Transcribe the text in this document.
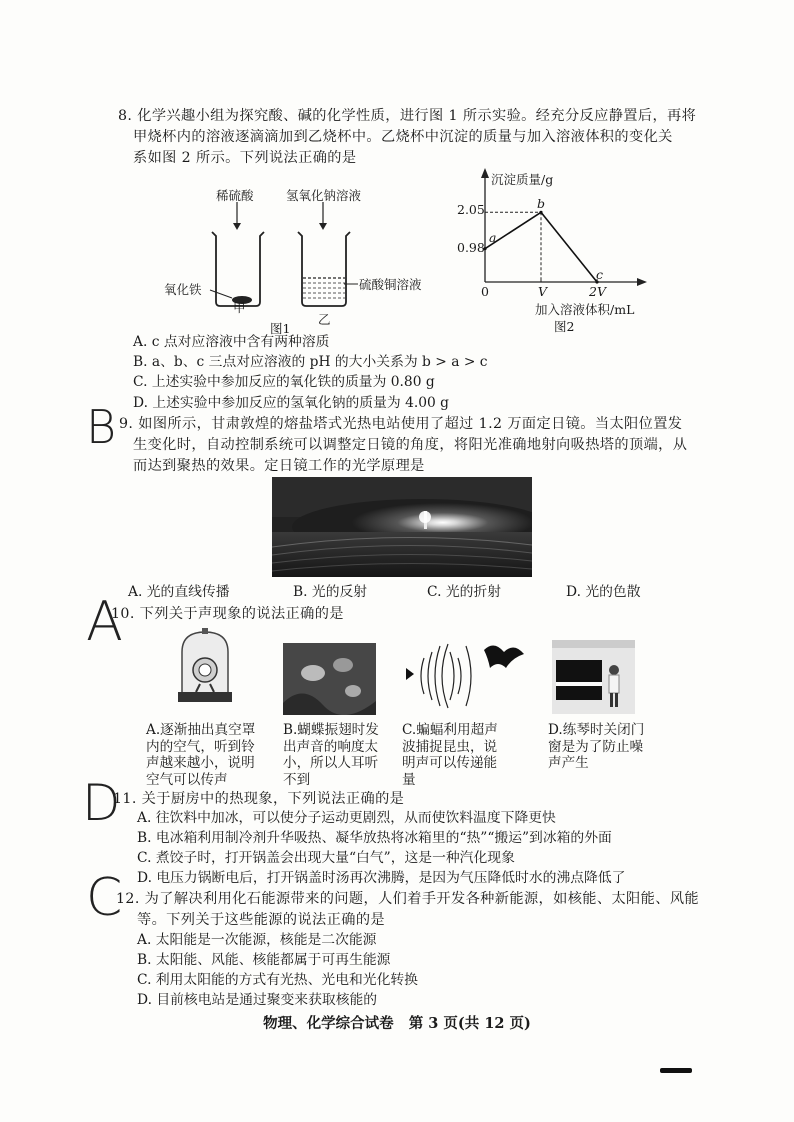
8. 化学兴趣小组为探究酸、碱的化学性质，进行图 1 所示实验。经充分反应静置后，再将
甲烧杯内的溶液逐滴滴加到乙烧杯中。乙烧杯中沉淀的质量与加入溶液体积的变化关
系如图 2 所示。下列说法正确的是
稀硫酸	氢氧化钠溶液
氧化铁	硫酸铜溶液
甲
乙
图1
沉淀质量/g
2.05
0.98
0	V	2V
a
b
c
加入溶液体积/mL
图2
A. c 点对应溶液中含有两种溶质
B. a、b、c 三点对应溶液的 pH 的大小关系为 b > a > c
C. 上述实验中参加反应的氧化铁的质量为 0.80 g
D. 上述实验中参加反应的氢氧化钠的质量为 4.00 g
B 9. 如图所示，甘肃敦煌的熔盐塔式光热电站使用了超过 1.2 万面定日镜。当太阳位置发
生变化时，自动控制系统可以调整定日镜的角度，将阳光准确地射向吸热塔的顶端，从
而达到聚热的效果。定日镜工作的光学原理是
A. 光的直线传播	B. 光的反射	C. 光的折射	D. 光的色散
A
10. 下列关于声现象的说法正确的是
A.逐渐抽出真空罩
内的空气，听到铃
声越来越小，说明
空气可以传声
B.蝴蝶振翅时发
出声音的响度太
小，所以人耳听
不到
C.蝙蝠利用超声
波捕捉昆虫，说
明声可以传递能
量
D.练琴时关闭门
窗是为了防止噪
声产生
D
11. 关于厨房中的热现象，下列说法正确的是
A. 往饮料中加冰，可以使分子运动更剧烈，从而使饮料温度下降更快
B. 电冰箱利用制冷剂升华吸热、凝华放热将冰箱里的“热”“搬运”到冰箱的外面
C. 煮饺子时，打开锅盖会出现大量“白气”，这是一种汽化现象
D. 电压力锅断电后，打开锅盖时汤再次沸腾，是因为气压降低时水的沸点降低了
C
12. 为了解决利用化石能源带来的问题，人们着手开发各种新能源，如核能、太阳能、风能
等。下列关于这些能源的说法正确的是
A. 太阳能是一次能源，核能是二次能源
B. 太阳能、风能、核能都属于可再生能源
C. 利用太阳能的方式有光热、光电和光化转换
D. 目前核电站是通过聚变来获取核能的
物理、化学综合试卷   第 3 页(共 12 页)
